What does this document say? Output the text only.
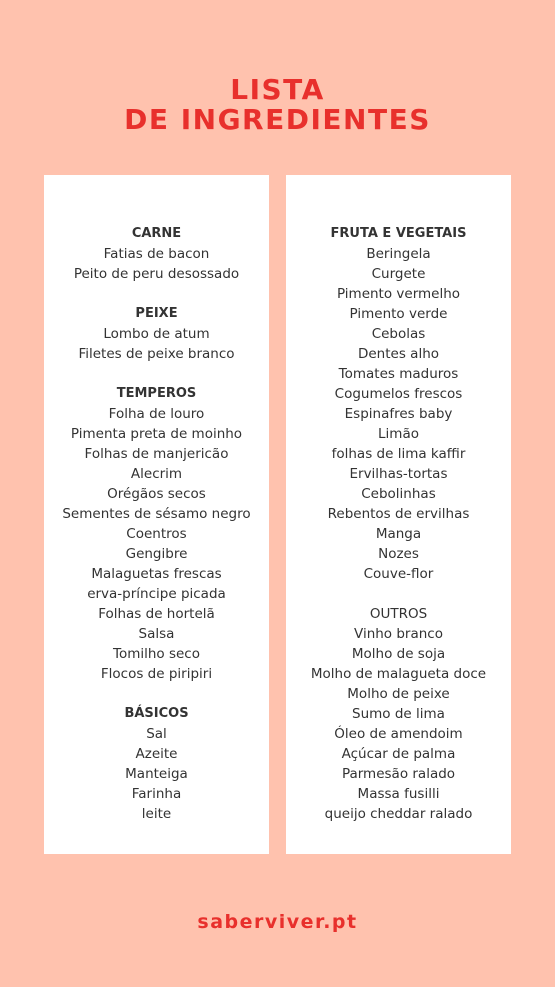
LISTA
DE INGREDIENTES
CARNE
Fatias de bacon
Peito de peru desossado
PEIXE
Lombo de atum
Filetes de peixe branco
TEMPEROS
Folha de louro
Pimenta preta de moinho
Folhas de manjericão
Alecrim
Orégãos secos
Sementes de sésamo negro
Coentros
Gengibre
Malaguetas frescas
erva-príncipe picada
Folhas de hortelã
Salsa
Tomilho seco
Flocos de piripiri
BÁSICOS
Sal
Azeite
Manteiga
Farinha
leite
FRUTA E VEGETAIS
Beringela
Curgete
Pimento vermelho
Pimento verde
Cebolas
Dentes alho
Tomates maduros
Cogumelos frescos
Espinafres baby
Limão
folhas de lima kaffir
Ervilhas-tortas
Cebolinhas
Rebentos de ervilhas
Manga
Nozes
Couve-flor
OUTROS
Vinho branco
Molho de soja
Molho de malagueta doce
Molho de peixe
Sumo de lima
Óleo de amendoim
Açúcar de palma
Parmesão ralado
Massa fusilli
queijo cheddar ralado
saberviver.pt
